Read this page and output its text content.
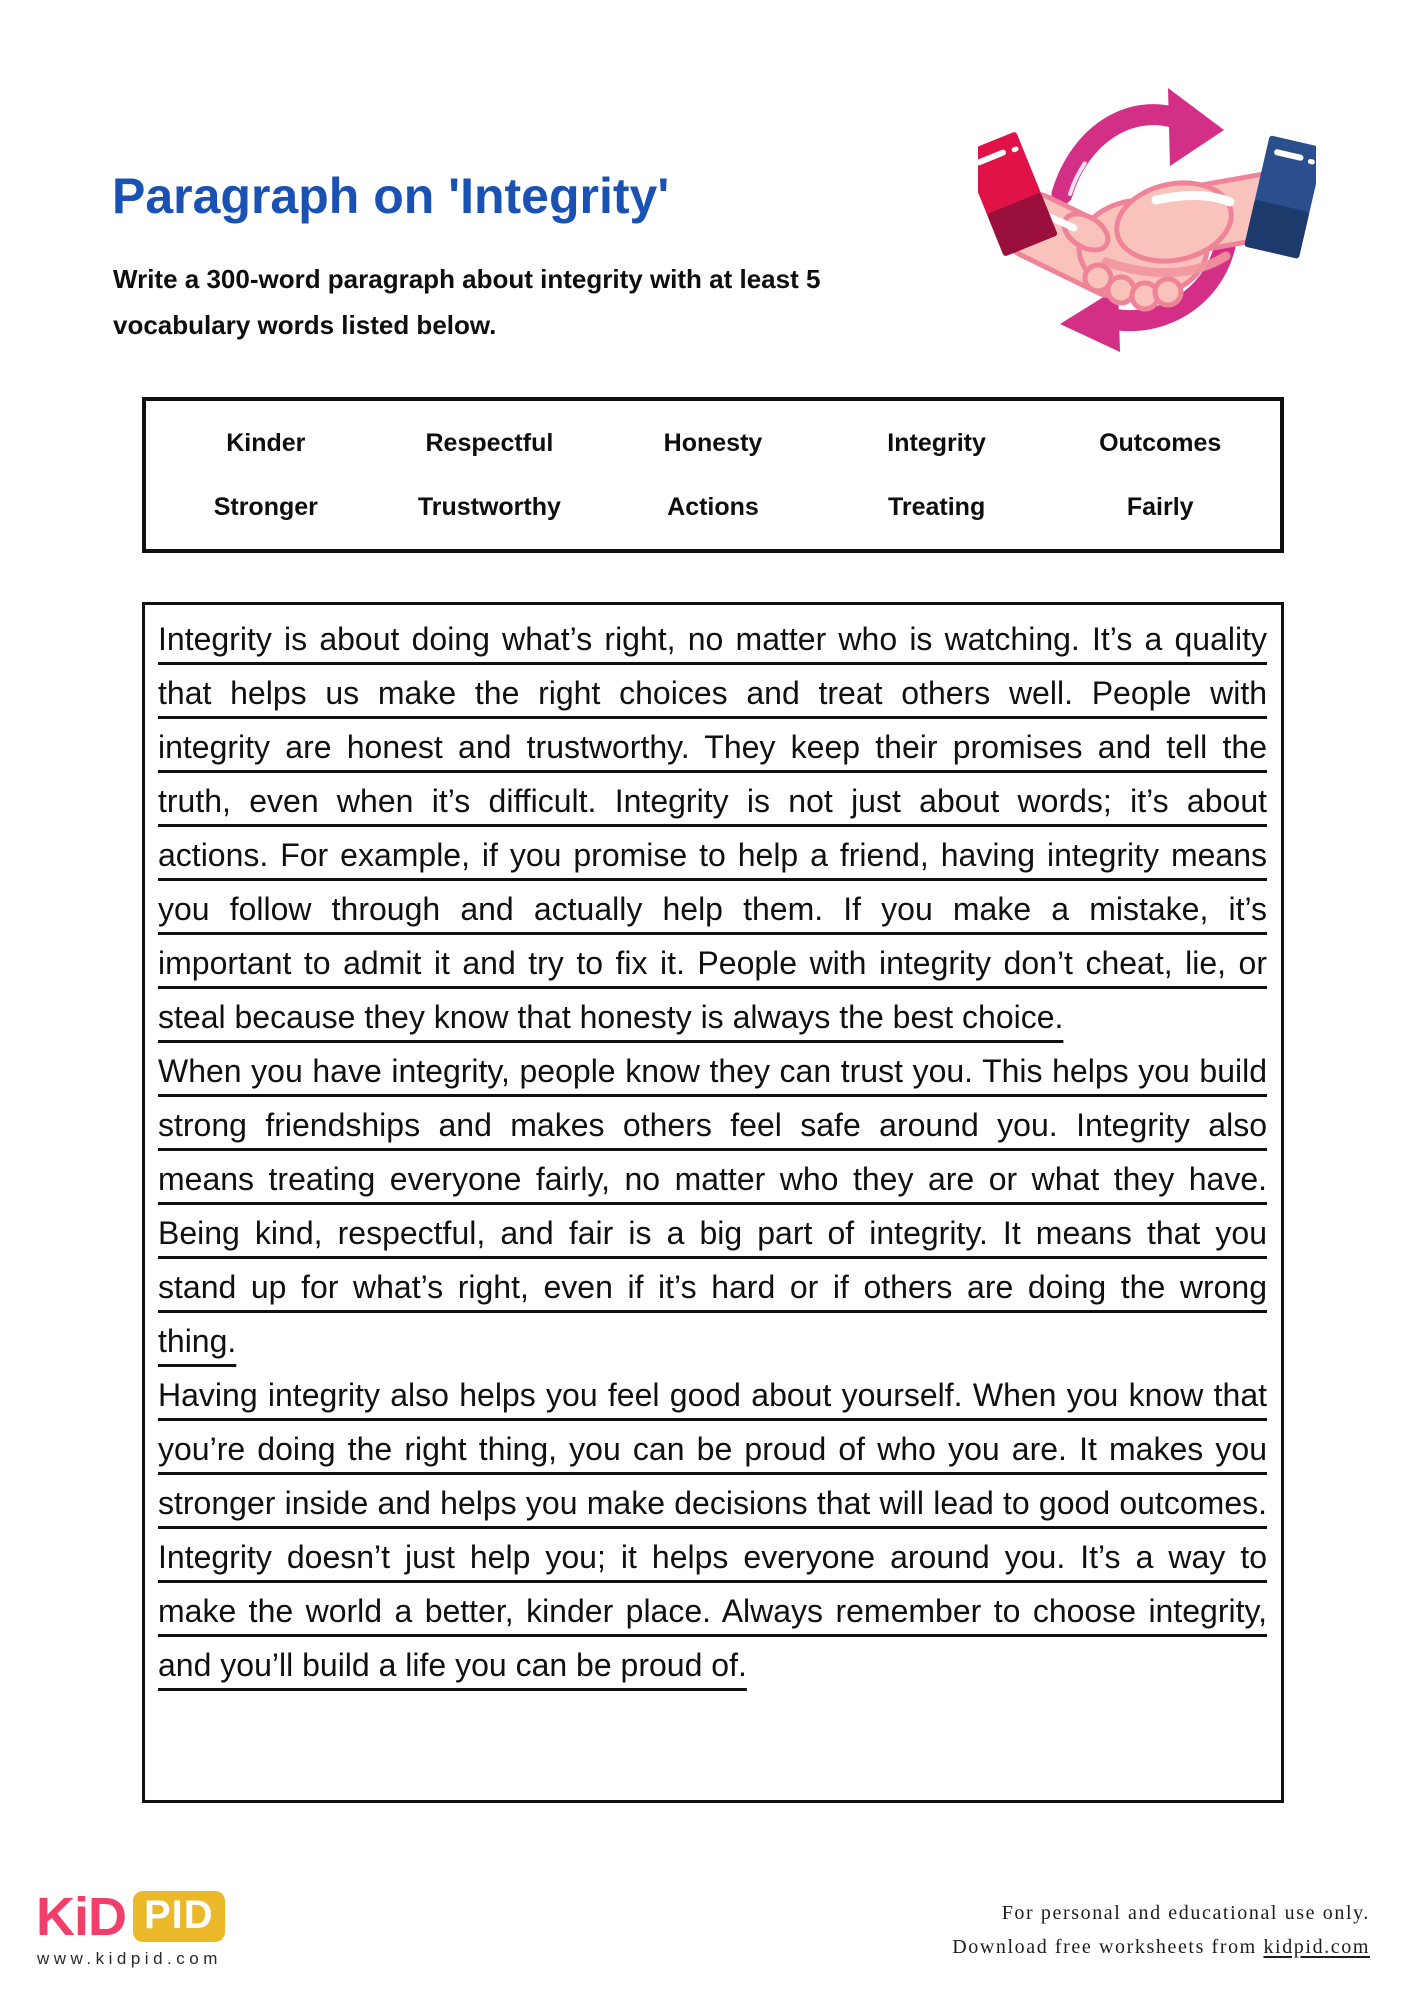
Paragraph on 'Integrity'
Write a 300-word paragraph about integrity with at least 5
vocabulary words listed below.
Kinder	Respectful	Honesty	Integrity	Outcomes
Stronger	Trustworthy	Actions	Treating	Fairly

Integrity is about doing what’s right, no matter who is watching. It’s a quality that helps us make the right choices and treat others well. People with integrity are honest and trustworthy. They keep their promises and tell the truth, even when it’s difficult. Integrity is not just about words; it’s about actions. For example, if you promise to help a friend, having integrity means you follow through and actually help them. If you make a mistake, it’s important to admit it and try to fix it. People with integrity don’t cheat, lie, or steal because they know that honesty is always the best choice.

When you have integrity, people know they can trust you. This helps you build strong friendships and makes others feel safe around you. Integrity also means treating everyone fairly, no matter who they are or what they have. Being kind, respectful, and fair is a big part of integrity. It means that you stand up for what’s right, even if it’s hard or if others are doing the wrong thing.

Having integrity also helps you feel good about yourself. When you know that you’re doing the right thing, you can be proud of who you are. It makes you stronger inside and helps you make decisions that will lead to good outcomes. Integrity doesn’t just help you; it helps everyone around you. It’s a way to make the world a better, kinder place. Always remember to choose integrity, and you’ll build a life you can be proud of.

KiD PID
www.kidpid.com
For personal and educational use only.
Download free worksheets from kidpid.com
